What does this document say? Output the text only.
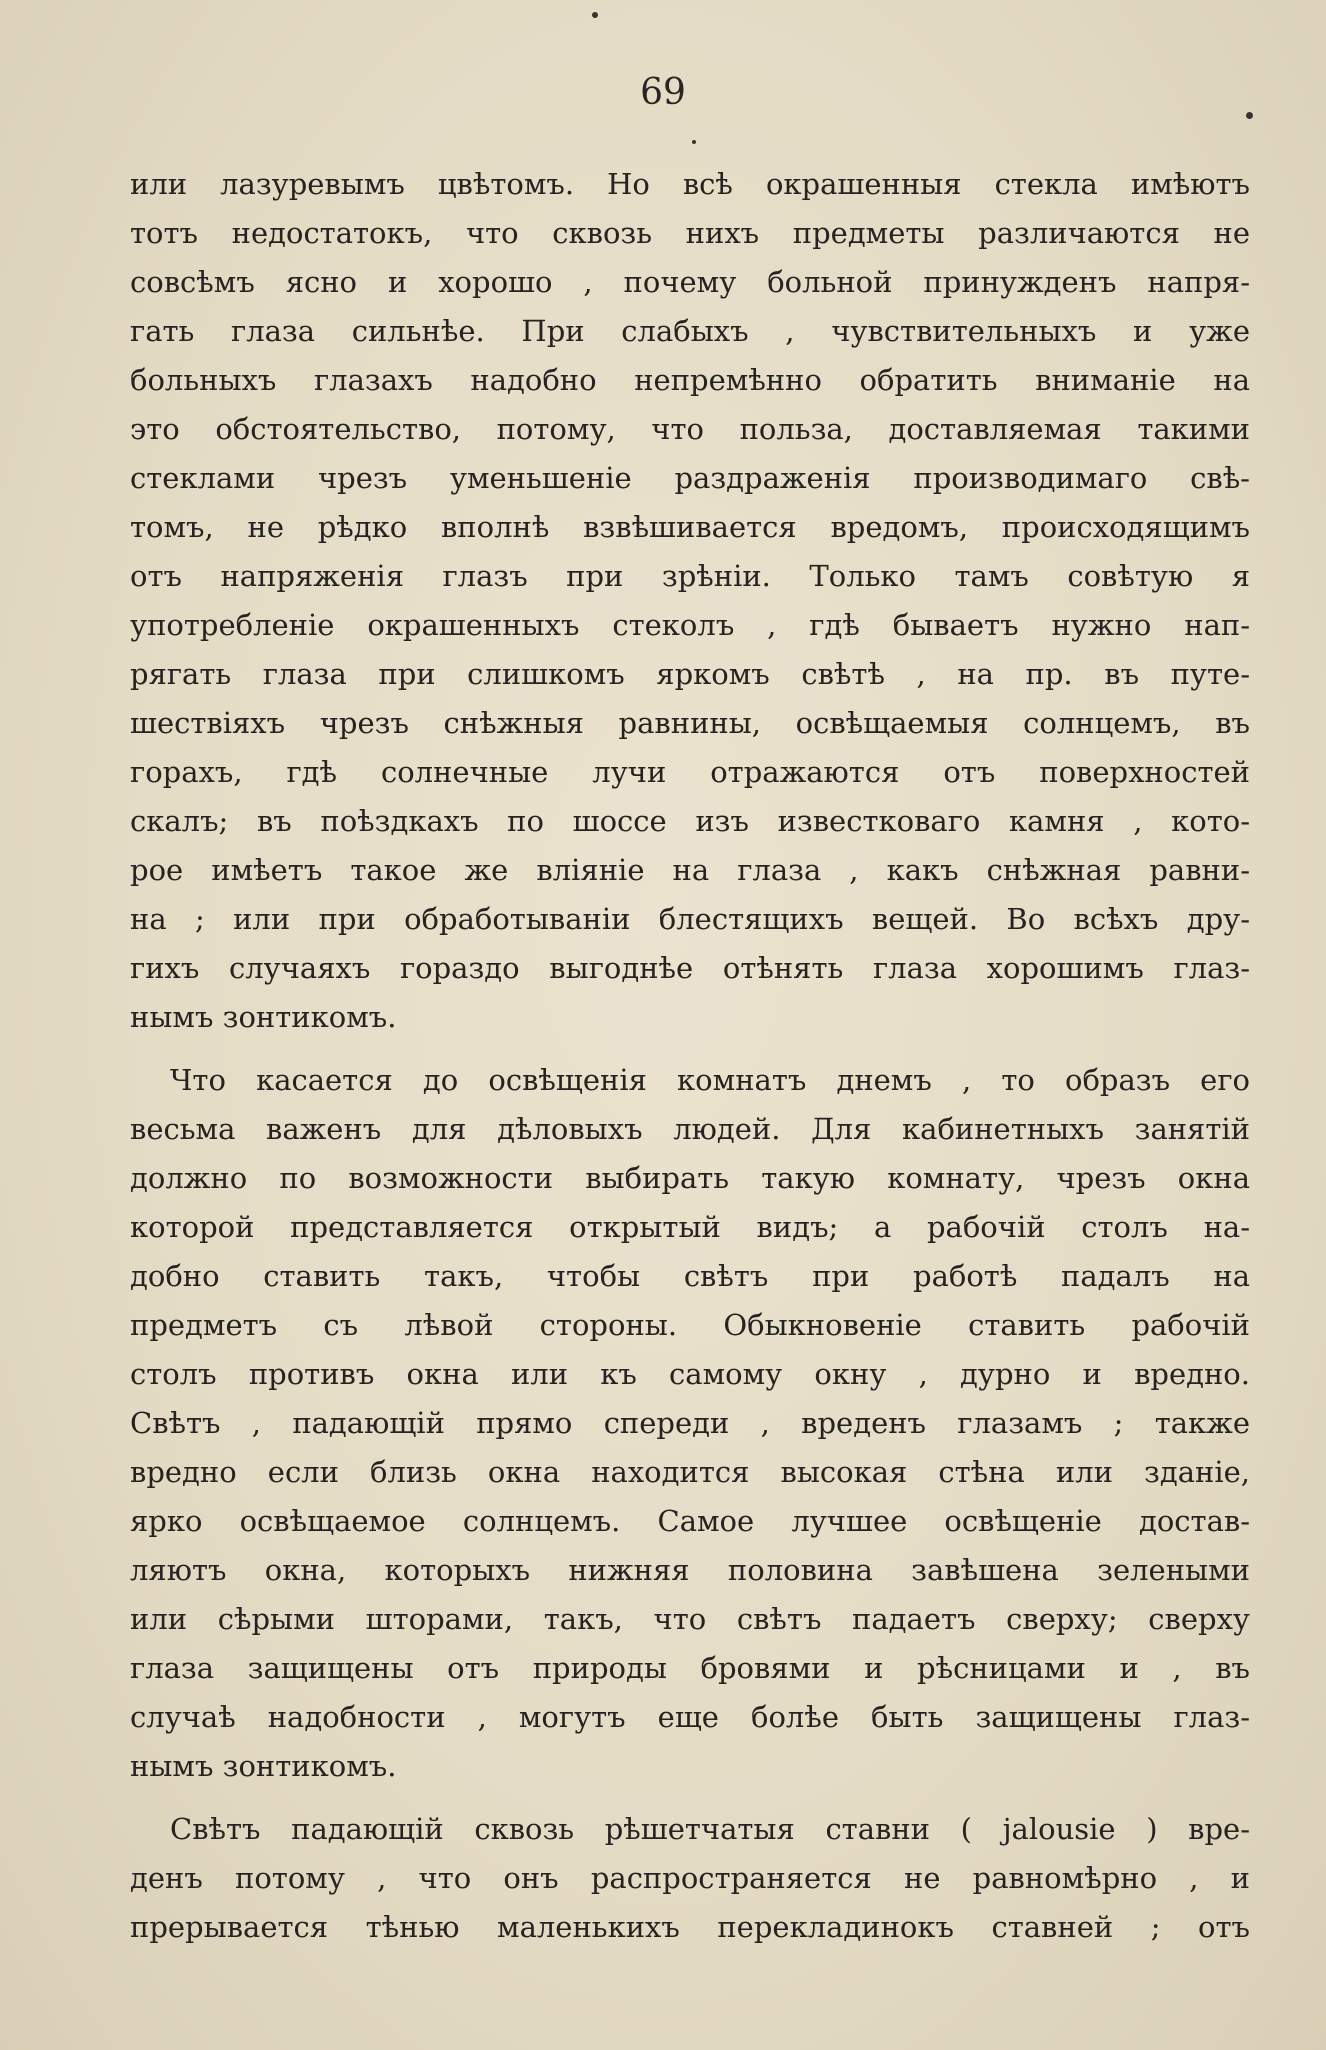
69
или лазуревымъ цвѣтомъ. Но всѣ окрашенныя стекла имѣютъ
тотъ недостатокъ, что сквозь нихъ предметы различаются не
совсѣмъ ясно и хорошо , почему больной принужденъ напря-
гать глаза сильнѣе. При слабыхъ , чувствительныхъ и уже
больныхъ глазахъ надобно непремѣнно обратить вниманіе на
это обстоятельство, потому, что польза, доставляемая такими
стеклами чрезъ уменьшеніе раздраженія производимаго свѣ-
томъ, не рѣдко вполнѣ взвѣшивается вредомъ, происходящимъ
отъ напряженія глазъ при зрѣніи. Только тамъ совѣтую я
употребленіе окрашенныхъ стеколъ , гдѣ бываетъ нужно нап-
рягать глаза при слишкомъ яркомъ свѣтѣ , на пр. въ путе-
шествіяхъ чрезъ снѣжныя равнины, освѣщаемыя солнцемъ, въ
горахъ, гдѣ солнечные лучи отражаются отъ поверхностей
скалъ; въ поѣздкахъ по шоссе изъ известковаго камня , кото-
рое имѣетъ такое же вліяніе на глаза , какъ снѣжная равни-
на ; или при обработываніи блестящихъ вещей. Во всѣхъ дру-
гихъ случаяхъ гораздо выгоднѣе отѣнять глаза хорошимъ глаз-
нымъ зонтикомъ.
Что касается до освѣщенія комнатъ днемъ , то образъ его
весьма важенъ для дѣловыхъ людей. Для кабинетныхъ занятій
должно по возможности выбирать такую комнату, чрезъ окна
которой представляется открытый видъ; а рабочій столъ на-
добно ставить такъ, чтобы свѣтъ при работѣ падалъ на
предметъ съ лѣвой стороны. Обыкновеніе ставить рабочій
столъ противъ окна или къ самому окну , дурно и вредно.
Свѣтъ , падающій прямо спереди , вреденъ глазамъ ; также
вредно если близь окна находится высокая стѣна или зданіе,
ярко освѣщаемое солнцемъ. Самое лучшее освѣщеніе достав-
ляютъ окна, которыхъ нижняя половина завѣшена зелеными
или сѣрыми шторами, такъ, что свѣтъ падаетъ сверху; сверху
глаза защищены отъ природы бровями и рѣсницами и , въ
случаѣ надобности , могутъ еще болѣе быть защищены глаз-
нымъ зонтикомъ.
Свѣтъ падающій сквозь рѣшетчатыя ставни ( jalousie ) вре-
денъ потому , что онъ распространяется не равномѣрно , и
прерывается тѣнью маленькихъ перекладинокъ ставней ; отъ
